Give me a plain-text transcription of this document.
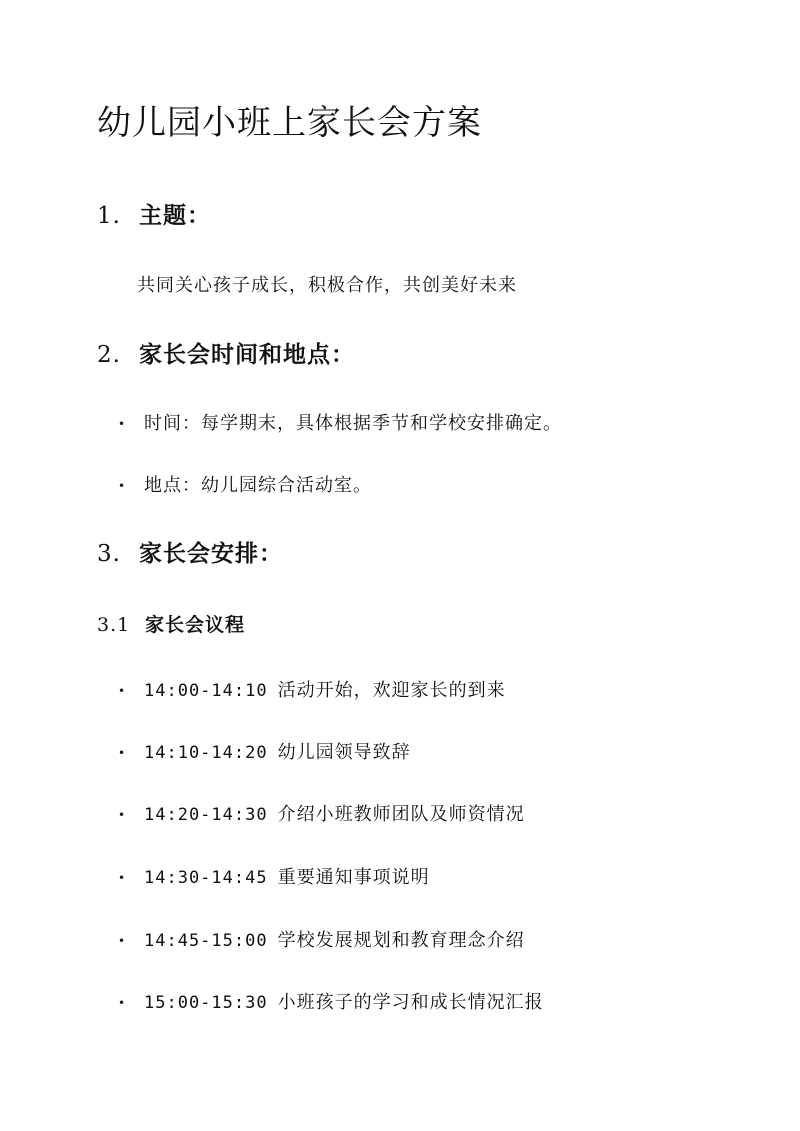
幼儿园小班上家长会方案
1. 主题：

共同关心孩子成长，积极合作，共创美好未来

2. 家长会时间和地点：

• 时间：每学期末，具体根据季节和学校安排确定。

• 地点：幼儿园综合活动室。

3. 家长会安排：
3.1 家长会议程

• 14:00-14:10 活动开始，欢迎家长的到来

• 14:10-14:20 幼儿园领导致辞

• 14:20-14:30 介绍小班教师团队及师资情况

• 14:30-14:45 重要通知事项说明

• 14:45-15:00 学校发展规划和教育理念介绍

• 15:00-15:30 小班孩子的学习和成长情况汇报
